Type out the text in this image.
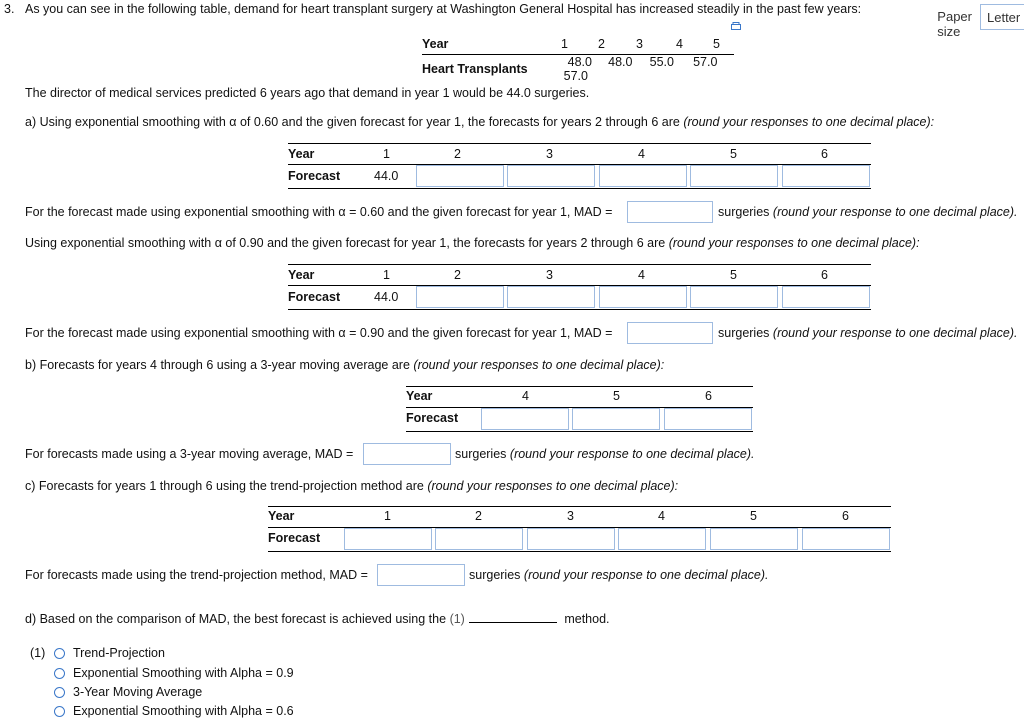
3. As you can see in the following table, demand for heart transplant surgery at Washington General Hospital has increased steadily in the past few years:	Paper size
Letter
Year	1	2	3	4	5
Heart Transplants	48.0 48.0 55.0 57.0 57.0				
The director of medical services predicted 6 years ago that demand in year 1 would be 44.0 surgeries.
a) Using exponential smoothing with α of 0.60 and the given forecast for year 1, the forecasts for years 2 through 6 are (round your responses to one decimal place):
Year	1	2	3	4	5	6
Forecast	44.0
For the forecast made using exponential smoothing with α = 0.60 and the given forecast for year 1, MAD =	surgeries (round your response to one decimal place).
Using exponential smoothing with α of 0.90 and the given forecast for year 1, the forecasts for years 2 through 6 are (round your responses to one decimal place):
Year	1	2	3	4	5	6
Forecast	44.0
For the forecast made using exponential smoothing with α = 0.90 and the given forecast for year 1, MAD =	surgeries (round your response to one decimal place).
b) Forecasts for years 4 through 6 using a 3-year moving average are (round your responses to one decimal place):
Year	4	5	6
Forecast
For forecasts made using a 3-year moving average, MAD =	surgeries (round your response to one decimal place).
c) Forecasts for years 1 through 6 using the trend-projection method are (round your responses to one decimal place):
Year	1	2	3	4	5	6
Forecast
For forecasts made using the trend-projection method, MAD =	surgeries (round your response to one decimal place).
d) Based on the comparison of MAD, the best forecast is achieved using the (1)	method.
(1)	Trend-Projection
Exponential Smoothing with Alpha = 0.9
3-Year Moving Average
Exponential Smoothing with Alpha = 0.6
